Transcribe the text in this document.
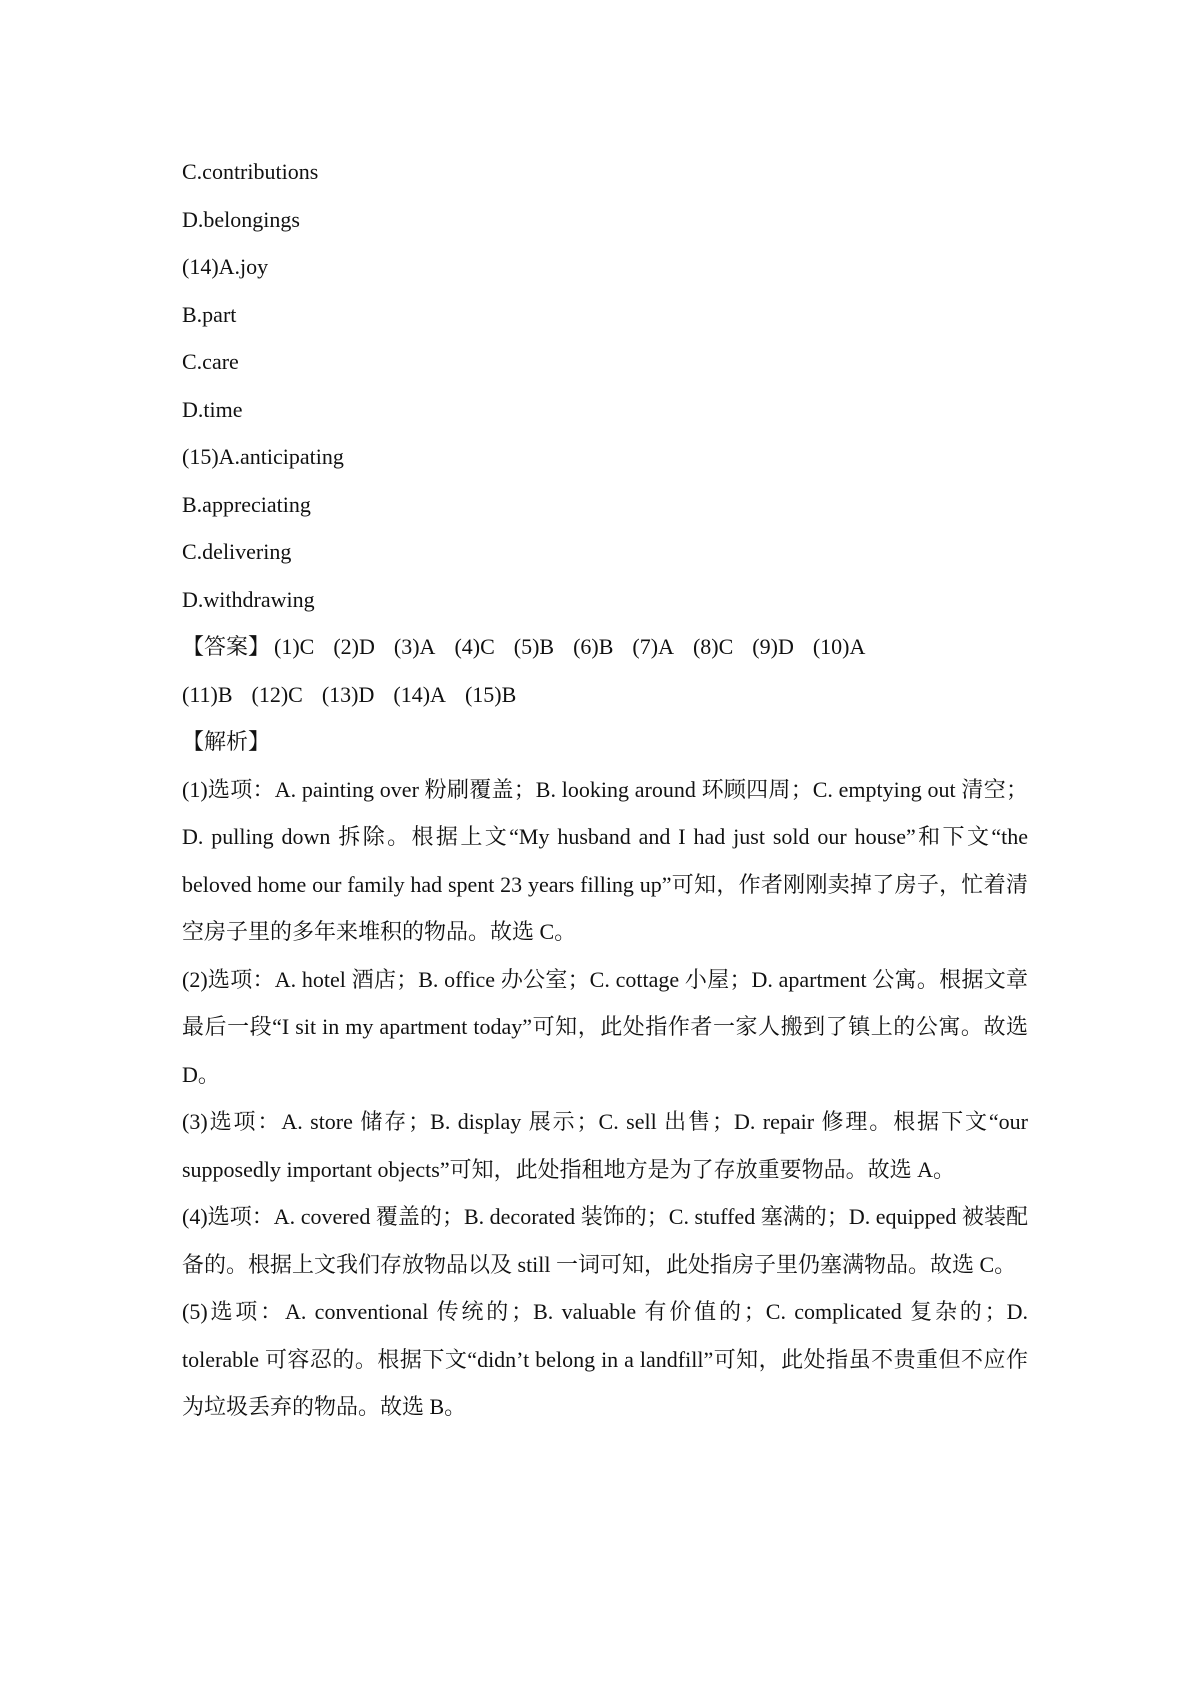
C.contributions
D.belongings
(14)A.joy
B.part
C.care
D.time
(15)A.anticipating
B.appreciating
C.delivering
D.withdrawing
【答案】 (1)C (2)D (3)A (4)C (5)B (6)B (7)A (8)C (9)D (10)A
(11)B (12)C (13)D (14)A (15)B
【解析】

(1)选项：A. painting over 粉刷覆盖；B. looking around 环顾四周；C. emptying out 清空；D. pulling down 拆除。根据上文“My husband and I had just sold our house”和下文“the beloved home our family had spent 23 years filling up”可知，作者刚刚卖掉了房子，忙着清空房子里的多年来堆积的物品。故选 C。

(2)选项：A. hotel 酒店；B. office 办公室；C. cottage 小屋；D. apartment 公寓。根据文章最后一段“I sit in my apartment today”可知，此处指作者一家人搬到了镇上的公寓。故选 D。

(3)选项：A. store 储存；B. display 展示；C. sell 出售；D. repair 修理。根据下文“our supposedly important objects”可知，此处指租地方是为了存放重要物品。故选 A。

(4)选项：A. covered 覆盖的；B. decorated 装饰的；C. stuffed 塞满的；D. equipped 被装配备的。根据上文我们存放物品以及 still 一词可知，此处指房子里仍塞满物品。故选 C。

(5)选项：A. conventional 传统的；B. valuable 有价值的；C. complicated 复杂的；D. tolerable 可容忍的。根据下文“didn’t belong in a landfill”可知，此处指虽不贵重但不应作为垃圾丢弃的物品。故选 B。
